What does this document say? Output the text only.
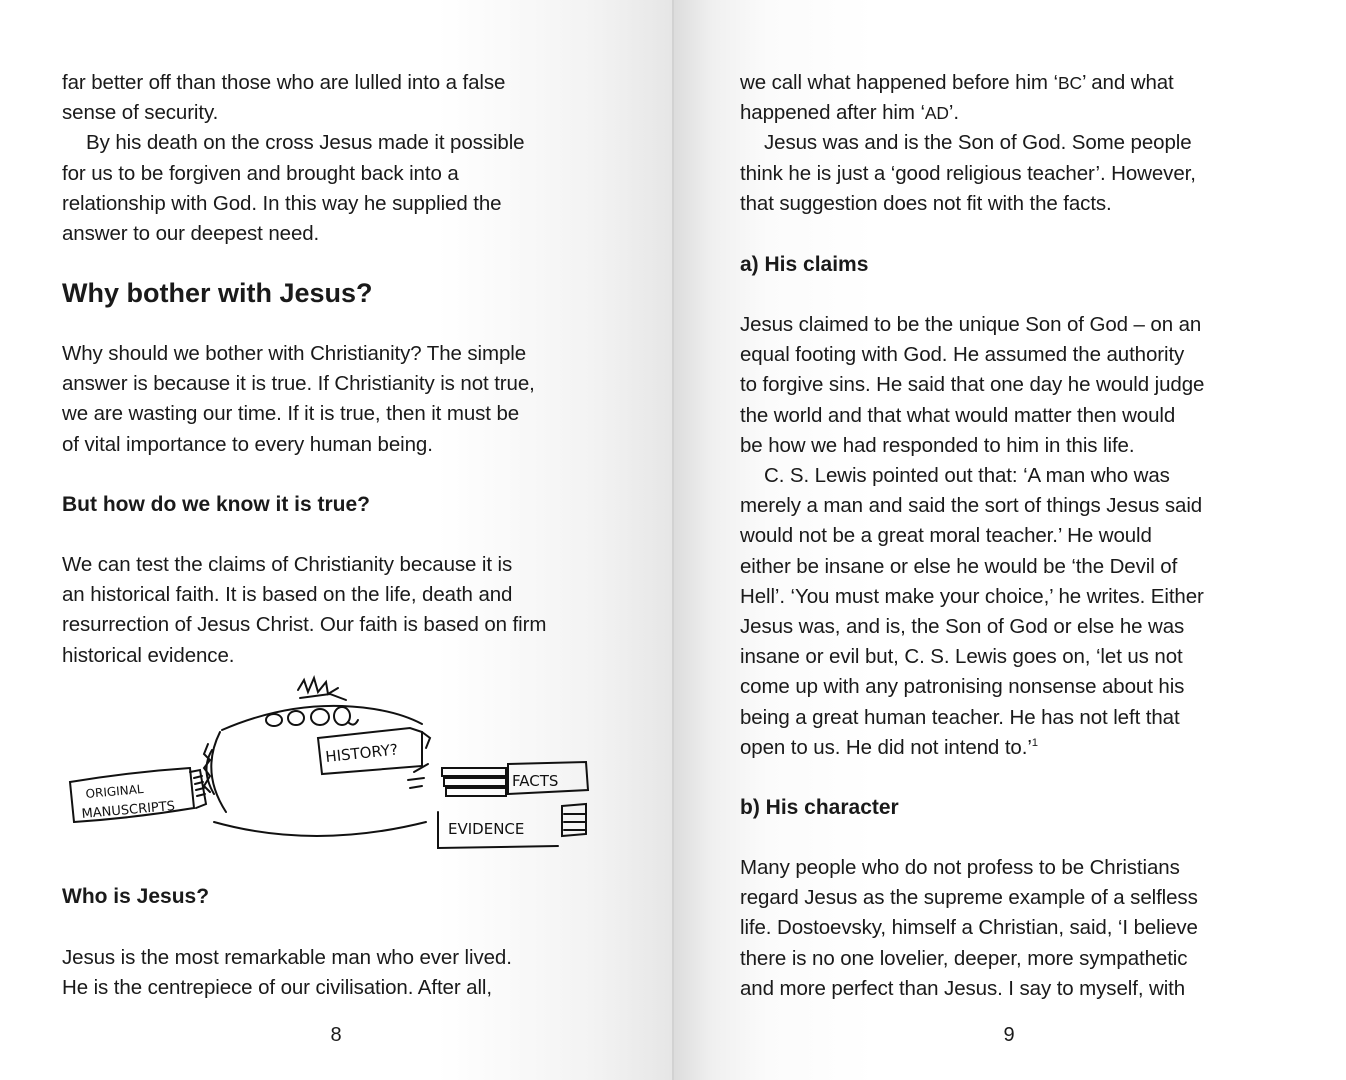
far better off than those who are lulled into a false

sense of security.

By his death on the cross Jesus made it possible

for us to be forgiven and brought back into a

relationship with God. In this way he supplied the

answer to our deepest need.

Why bother with Jesus?

Why should we bother with Christianity? The simple

answer is because it is true. If Christianity is not true,

we are wasting our time. If it is true, then it must be

of vital importance to every human being.

But how do we know it is true?

We can test the claims of Christianity because it is

an historical faith. It is based on the life, death and

resurrection of Jesus Christ. Our faith is based on firm

historical evidence.

ORIGINAL
MANUSCRIPTS
HISTORY?
FACTS
EVIDENCE
Who is Jesus?

Jesus is the most remarkable man who ever lived.

He is the centrepiece of our civilisation. After all,

8

we call what happened before him ‘BC’ and what

happened after him ‘AD’.

Jesus was and is the Son of God. Some people

think he is just a ‘good religious teacher’. However,

that suggestion does not fit with the facts.

a) His claims

Jesus claimed to be the unique Son of God – on an

equal footing with God. He assumed the authority

to forgive sins. He said that one day he would judge

the world and that what would matter then would

be how we had responded to him in this life.

C. S. Lewis pointed out that: ‘A man who was

merely a man and said the sort of things Jesus said

would not be a great moral teacher.’ He would

either be insane or else he would be ‘the Devil of

Hell’. ‘You must make your choice,’ he writes. Either

Jesus was, and is, the Son of God or else he was

insane or evil but, C. S. Lewis goes on, ‘let us not

come up with any patronising nonsense about his

being a great human teacher. He has not left that

open to us. He did not intend to.’$^1$

b) His character

Many people who do not profess to be Christians

regard Jesus as the supreme example of a selfless

life. Dostoevsky, himself a Christian, said, ‘I believe

there is no one lovelier, deeper, more sympathetic

and more perfect than Jesus. I say to myself, with

9
